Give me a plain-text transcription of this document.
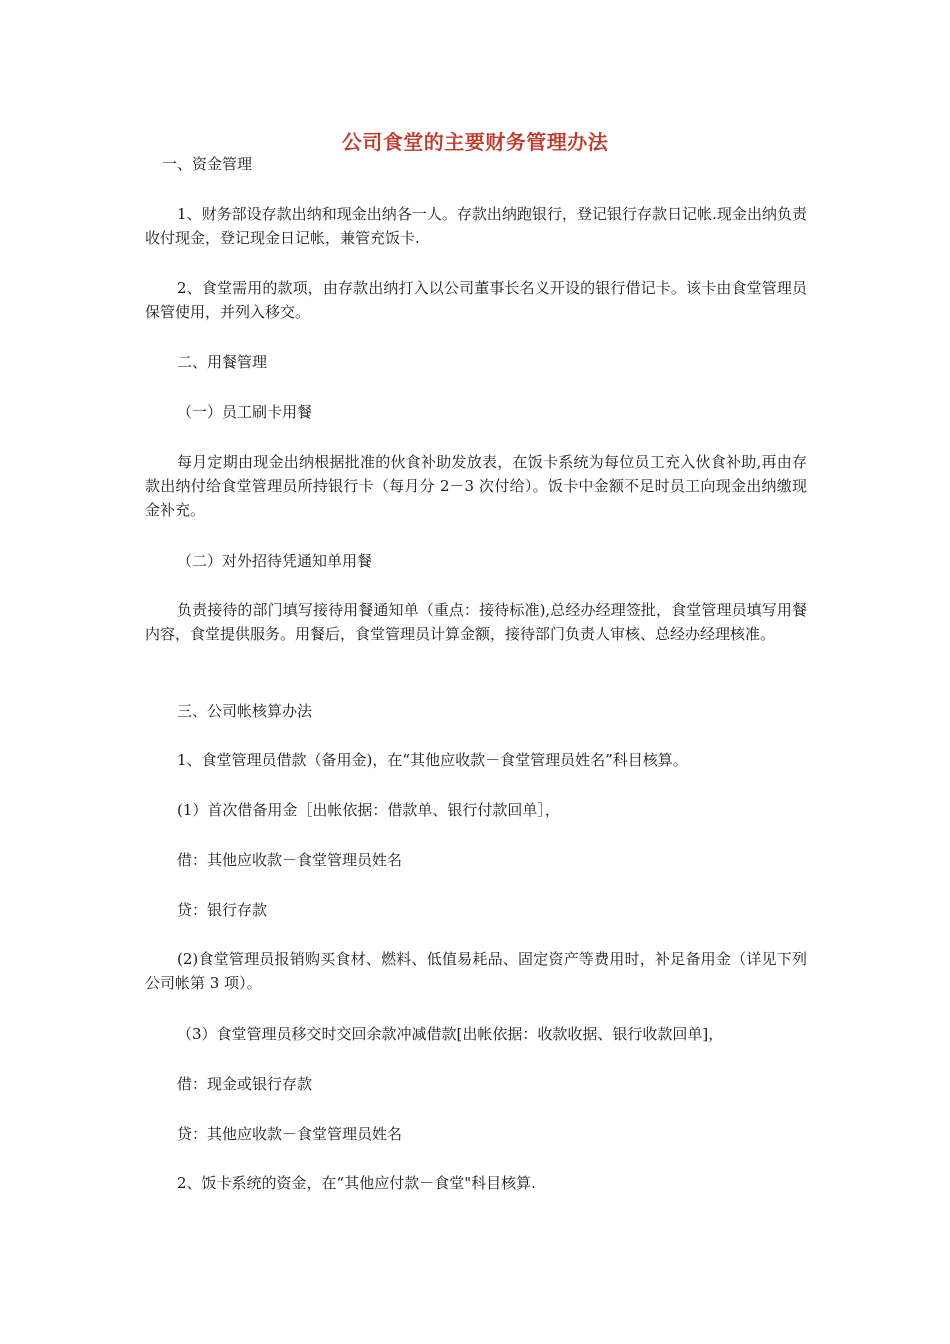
公司食堂的主要财务管理办法
一、资金管理
1、财务部设存款出纳和现金出纳各一人。存款出纳跑银行，登记银行存款日记帐.现金出纳负责收付现金，登记现金日记帐，兼管充饭卡.
2、食堂需用的款项，由存款出纳打入以公司董事长名义开设的银行借记卡。该卡由食堂管理员保管使用，并列入移交。
二、用餐管理
（一）员工刷卡用餐
每月定期由现金出纳根据批准的伙食补助发放表，在饭卡系统为每位员工充入伙食补助,再由存款出纳付给食堂管理员所持银行卡（每月分 2－3 次付给）。饭卡中金额不足时员工向现金出纳缴现金补充。
（二）对外招待凭通知单用餐
负责接待的部门填写接待用餐通知单（重点：接待标准),总经办经理签批，食堂管理员填写用餐内容，食堂提供服务。用餐后，食堂管理员计算金额，接待部门负责人审核、总经办经理核准。
三、公司帐核算办法
1、食堂管理员借款（备用金)，在“其他应收款－食堂管理员姓名”科目核算。
(1）首次借备用金［出帐依据：借款单、银行付款回单］，
借：其他应收款－食堂管理员姓名
贷：银行存款
(2)食堂管理员报销购买食材、燃料、低值易耗品、固定资产等费用时，补足备用金（详见下列公司帐第 3 项）。
（3）食堂管理员移交时交回余款冲减借款[出帐依据：收款收据、银行收款回单]，
借：现金或银行存款
贷：其他应收款－食堂管理员姓名
2、饭卡系统的资金，在“其他应付款－食堂"科目核算.
